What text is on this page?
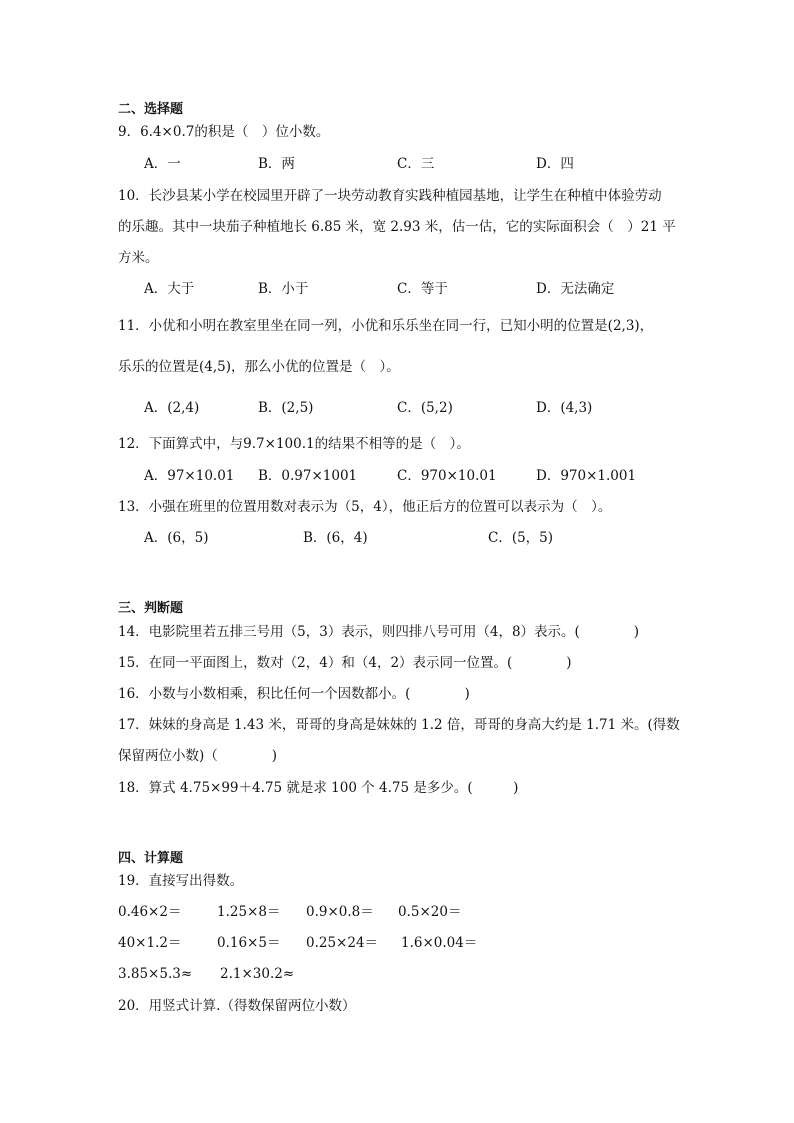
二、选择题
9．6.4×0.7的积是（　）位小数。
A．一	B．两	C．三	D．四
10．长沙县某小学在校园里开辟了一块劳动教育实践种植园基地，让学生在种植中体验劳动
的乐趣。其中一块茄子种植地长 6.85 米，宽 2.93 米，估一估，它的实际面积会（　）21 平
方米。
A．大于	B．小于	C．等于	D．无法确定
11．小优和小明在教室里坐在同一列，小优和乐乐坐在同一行，已知小明的位置是(2,3)，
乐乐的位置是(4,5)，那么小优的位置是（　）。
A．(2,4)	B．(2,5)	C．(5,2)	D．(4,3)
12．下面算式中，与9.7×100.1的结果不相等的是（　）。
A．97×10.01 B．0.97×1001	C．970×10.01	D．970×1.001
13．小强在班里的位置用数对表示为（5，4），他正后方的位置可以表示为（　）。
A．(6，5)	B．(6，4)	C．(5，5)
三、判断题
14．电影院里若五排三号用（5，3）表示，则四排八号可用（4，8）表示。(　　　　)
15．在同一平面图上，数对（2，4）和（4，2）表示同一位置。(　　　　)
16．小数与小数相乘，积比任何一个因数都小。(　　　　)
17．妹妹的身高是 1.43 米，哥哥的身高是妹妹的 1.2 倍，哥哥的身高大约是 1.71 米。(得数
保留两位小数)（　　　　)
18．算式 4.75×99＋4.75 就是求 100 个 4.75 是多少。(　　　)
四、计算题
19．直接写出得数。
0.46×2＝	1.25×8＝ 0.9×0.8＝ 0.5×20＝
40×1.2＝	0.16×5＝ 0.25×24＝ 1.6×0.04＝
3.85×5.3≈ 2.1×30.2≈
20．用竖式计算.（得数保留两位小数）
